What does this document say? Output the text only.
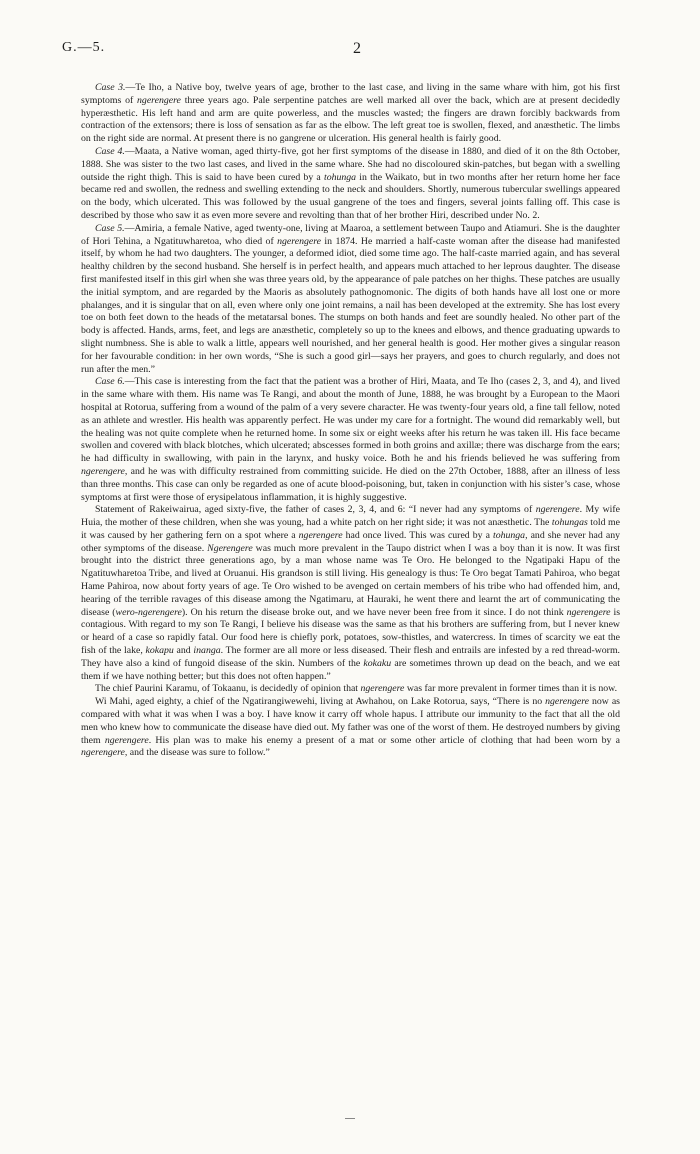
G.—5.	2

Case 3.—Te Iho, a Native boy, twelve years of age, brother to the last case, and living in the same whare with him, got his first symptoms of ngerengere three years ago. Pale serpentine patches are well marked all over the back, which are at present decidedly hyperæsthetic. His left hand and arm are quite powerless, and the muscles wasted; the fingers are drawn forcibly backwards from contraction of the extensors; there is loss of sensation as far as the elbow. The left great toe is swollen, flexed, and anæsthetic. The limbs on the right side are normal. At present there is no gangrene or ulceration. His general health is fairly good.

Case 4.—Maata, a Native woman, aged thirty-five, got her first symptoms of the disease in 1880, and died of it on the 8th October, 1888. She was sister to the two last cases, and lived in the same whare. She had no discoloured skin-patches, but began with a swelling outside the right thigh. This is said to have been cured by a tohunga in the Waikato, but in two months after her return home her face became red and swollen, the redness and swelling extending to the neck and shoulders. Shortly, numerous tubercular swellings appeared on the body, which ulcerated. This was followed by the usual gangrene of the toes and fingers, several joints falling off. This case is described by those who saw it as even more severe and revolting than that of her brother Hiri, described under No. 2.

Case 5.—Amiria, a female Native, aged twenty-one, living at Maaroa, a settlement between Taupo and Atiamuri. She is the daughter of Hori Tehina, a Ngatituwharetoa, who died of ngerengere in 1874. He married a half-caste woman after the disease had manifested itself, by whom he had two daughters. The younger, a deformed idiot, died some time ago. The half-caste married again, and has several healthy children by the second husband. She herself is in perfect health, and appears much attached to her leprous daughter. The disease first manifested itself in this girl when she was three years old, by the appearance of pale patches on her thighs. These patches are usually the initial symptom, and are regarded by the Maoris as absolutely pathognomonic. The digits of both hands have all lost one or more phalanges, and it is singular that on all, even where only one joint remains, a nail has been developed at the extremity. She has lost every toe on both feet down to the heads of the metatarsal bones. The stumps on both hands and feet are soundly healed. No other part of the body is affected. Hands, arms, feet, and legs are anæsthetic, completely so up to the knees and elbows, and thence graduating upwards to slight numbness. She is able to walk a little, appears well nourished, and her general health is good. Her mother gives a singular reason for her favourable condition: in her own words, “She is such a good girl—says her prayers, and goes to church regularly, and does not run after the men.”

Case 6.—This case is interesting from the fact that the patient was a brother of Hiri, Maata, and Te Iho (cases 2, 3, and 4), and lived in the same whare with them. His name was Te Rangi, and about the month of June, 1888, he was brought by a European to the Maori hospital at Rotorua, suffering from a wound of the palm of a very severe character. He was twenty-four years old, a fine tall fellow, noted as an athlete and wrestler. His health was apparently perfect. He was under my care for a fortnight. The wound did remarkably well, but the healing was not quite complete when he returned home. In some six or eight weeks after his return he was taken ill. His face became swollen and covered with black blotches, which ulcerated; abscesses formed in both groins and axillæ; there was discharge from the ears; he had difficulty in swallowing, with pain in the larynx, and husky voice. Both he and his friends believed he was suffering from ngerengere, and he was with difficulty restrained from committing suicide. He died on the 27th October, 1888, after an illness of less than three months. This case can only be regarded as one of acute blood-poisoning, but, taken in conjunction with his sister’s case, whose symptoms at first were those of erysipelatous inflammation, it is highly suggestive.

Statement of Rakeiwairua, aged sixty-five, the father of cases 2, 3, 4, and 6: “I never had any symptoms of ngerengere. My wife Huia, the mother of these children, when she was young, had a white patch on her right side; it was not anæsthetic. The tohungas told me it was caused by her gathering fern on a spot where a ngerengere had once lived. This was cured by a tohunga, and she never had any other symptoms of the disease. Ngerengere was much more prevalent in the Taupo district when I was a boy than it is now. It was first brought into the district three generations ago, by a man whose name was Te Oro. He belonged to the Ngatipaki Hapu of the Ngatituwharetoa Tribe, and lived at Oruanui. His grandson is still living. His genealogy is thus: Te Oro begat Tamati Pahiroa, who begat Hame Pahiroa, now about forty years of age. Te Oro wished to be avenged on certain members of his tribe who had offended him, and, hearing of the terrible ravages of this disease among the Ngatimaru, at Hauraki, he went there and learnt the art of communicating the disease (wero-ngerengere). On his return the disease broke out, and we have never been free from it since. I do not think ngerengere is contagious. With regard to my son Te Rangi, I believe his disease was the same as that his brothers are suffering from, but I never knew or heard of a case so rapidly fatal. Our food here is chiefly pork, potatoes, sow-thistles, and watercress. In times of scarcity we eat the fish of the lake, kokapu and inanga. The former are all more or less diseased. Their flesh and entrails are infested by a red thread-worm. They have also a kind of fungoid disease of the skin. Numbers of the kokaku are sometimes thrown up dead on the beach, and we eat them if we have nothing better; but this does not often happen.”

The chief Paurini Karamu, of Tokaanu, is decidedly of opinion that ngerengere was far more prevalent in former times than it is now.

Wi Mahi, aged eighty, a chief of the Ngatirangiwewehi, living at Awhahou, on Lake Rotorua, says, “There is no ngerengere now as compared with what it was when I was a boy. I have know it carry off whole hapus. I attribute our immunity to the fact that all the old men who knew how to communicate the disease have died out. My father was one of the worst of them. He destroyed numbers by giving them ngerengere. His plan was to make his enemy a present of a mat or some other article of clothing that had been worn by a ngerengere, and the disease was sure to follow.”
